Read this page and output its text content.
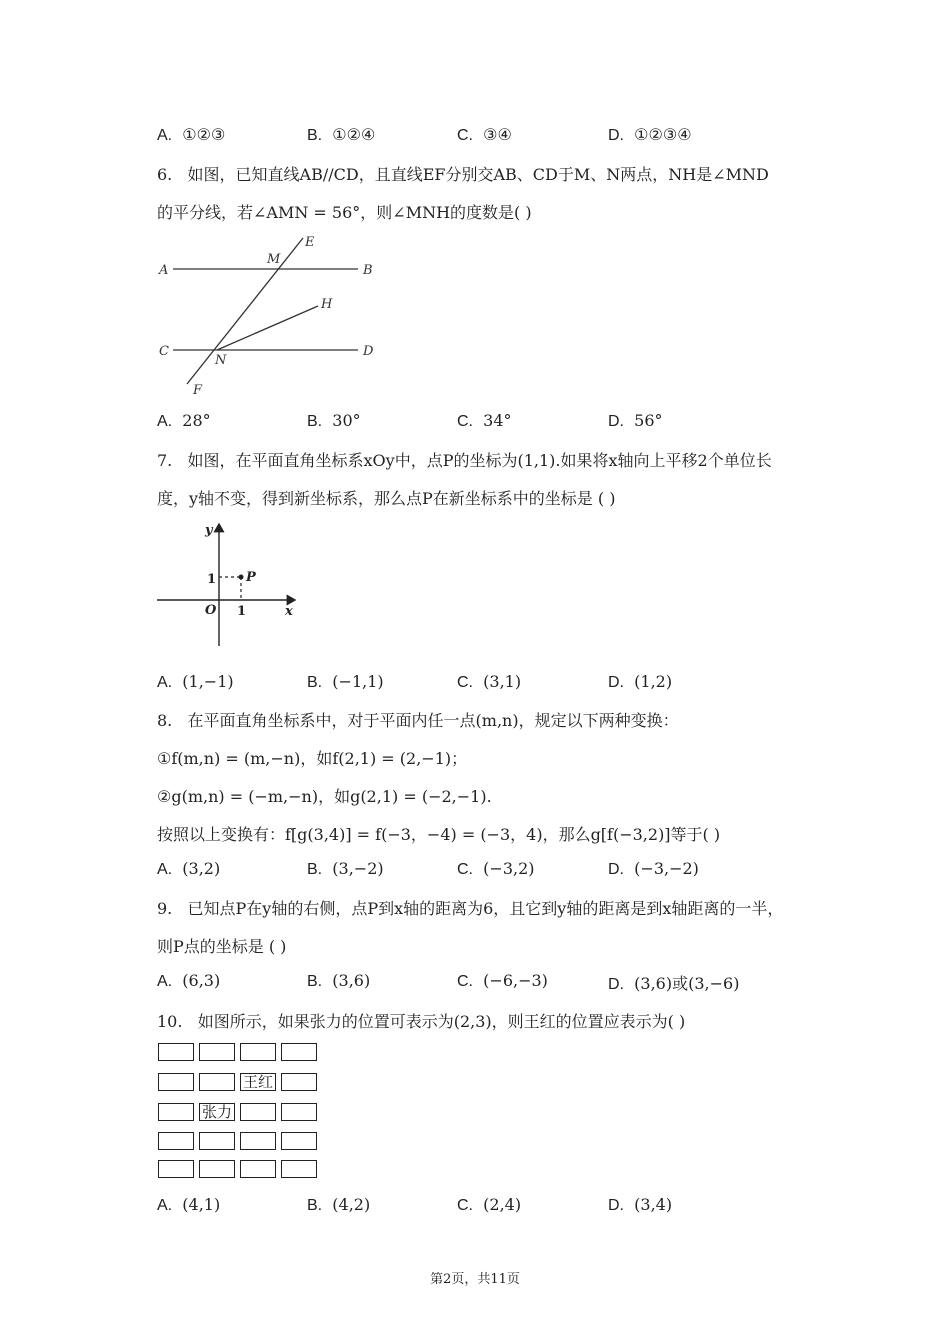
A. ①②③	B. ①②④	C. ③④	D. ①②③④
6. 如图，已知直线AB//CD，且直线EF分别交AB、CD于M、N两点，NH是∠MND
的平分线，若∠AMN = 56°，则∠MNH的度数是( )
A	B
C	D
E
F
M
N
H
A. 28°	B. 30°	C. 34°	D. 56°
7. 如图，在平面直角坐标系xOy中，点P的坐标为(1,1).如果将x轴向上平移2个单位长
度，y轴不变，得到新坐标系，那么点P在新坐标系中的坐标是 ( )
y
x
O
1
1
P
A. (1,−1)	B. (−1,1)	C. (3,1)	D. (1,2)
8. 在平面直角坐标系中，对于平面内任一点(m,n)，规定以下两种变换：
①f(m,n) = (m,−n)，如f(2,1) = (2,−1)；
②g(m,n) = (−m,−n)，如g(2,1) = (−2,−1).
按照以上变换有：f[g(3,4)] = f(−3，−4) = (−3，4)，那么g[f(−3,2)]等于( )
A. (3,2)	B. (3,−2)	C. (−3,2)	D. (−3,−2)
9. 已知点P在y轴的右侧，点P到x轴的距离为6，且它到y轴的距离是到x轴距离的一半，
则P点的坐标是 ( )
A. (6,3)	B. (3,6)	C. (−6,−3)	D. (3,6)或(3,−6)
10. 如图所示，如果张力的位置可表示为(2,3)，则王红的位置应表示为( )
王红
张力
A. (4,1)	B. (4,2)	C. (2,4)	D. (3,4)
第2页，共11页
